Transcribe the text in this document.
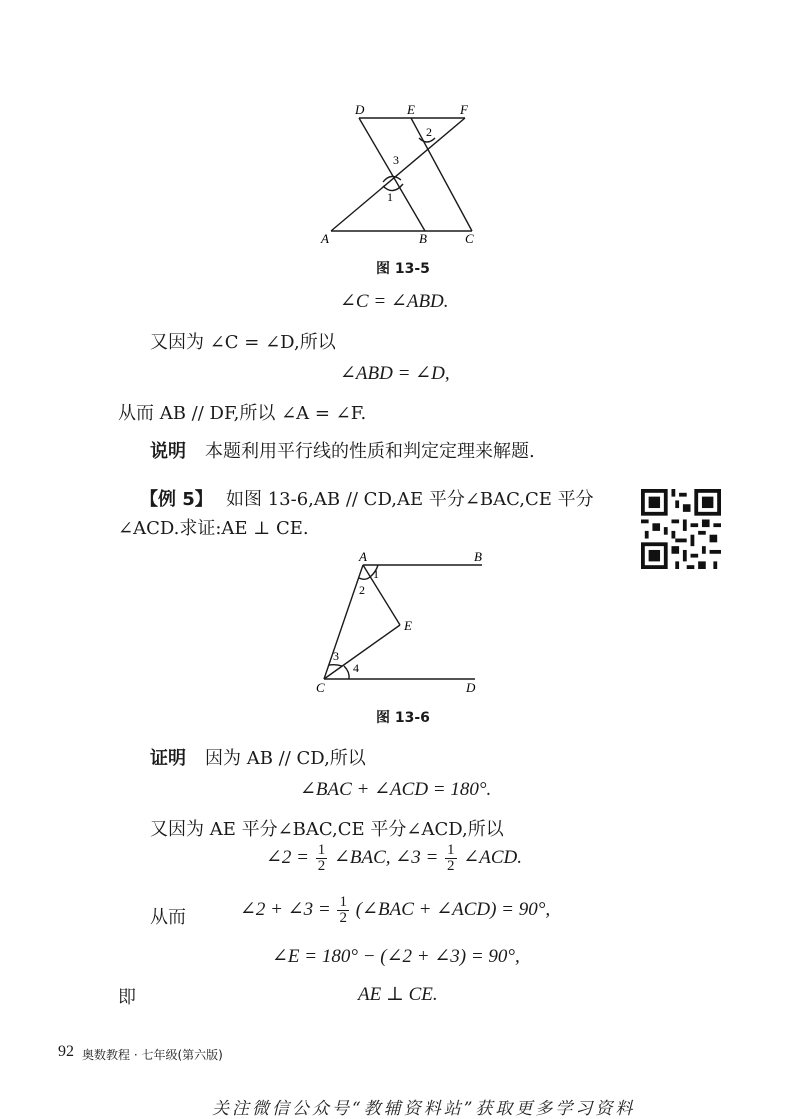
D	E	F
A	B	C
1
2
3
图 13-5
∠C = ∠ABD.
又因为 ∠C = ∠D,所以
∠ABD = ∠D,
从而 AB // DF,所以 ∠A = ∠F.
说明 本题利用平行线的性质和判定定理来解题.
【例 5】 如图 13-6,AB // CD,AE 平分∠BAC,CE 平分
∠ACD.求证:AE ⊥ CE.
A	B
C	D
E
1
2
3
4
图 13-6
证明 因为 AB // CD,所以
∠BAC + ∠ACD = 180°.
又因为 AE 平分∠BAC,CE 平分∠ACD,所以
∠2 = $\frac{1}{2}$ ∠BAC, ∠3 = $\frac{1}{2}$ ∠ACD.
从而	∠2 + ∠3 = $\frac{1}{2}$ (∠BAC + ∠ACD) = 90°,
∠E = 180° − (∠2 + ∠3) = 90°,
即	AE ⊥ CE.
92 奥数教程 · 七年级(第六版)
关注微信公众号“教辅资料站”获取更多学习资料
